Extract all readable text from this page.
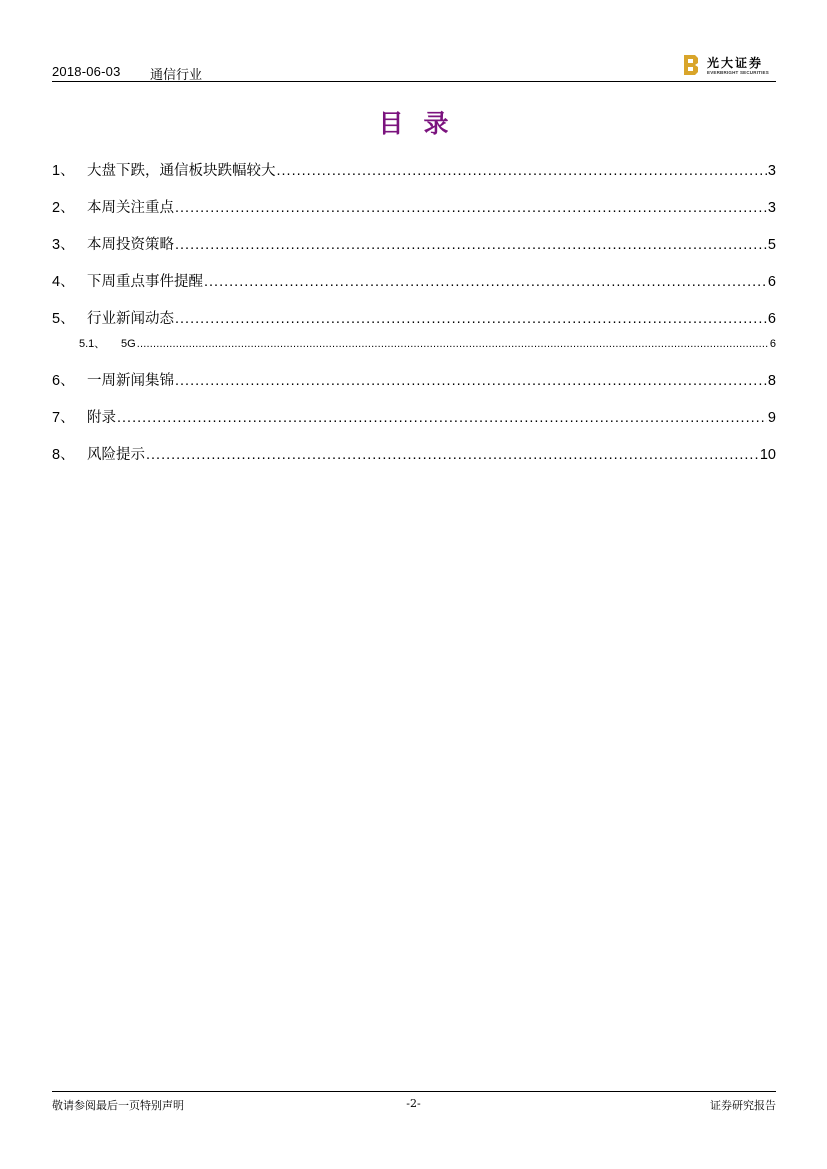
2018-06-03 通信行业
光大证券
EVERBRIGHT SECURITIES
目录
1、 大盘下跌，通信板块跌幅较大 .....	3
2、 本周关注重点 .....	3
3、 本周投资策略 .....	5
4、 下周重点事件提醒 .....	6
5、 行业新闻动态 .....	6
5.1、	5G .....	6
6、 一周新闻集锦 .....	8
7、 附录 .....	9
8、 风险提示 .....	10
敬请参阅最后一页特别声明	-2-	证券研究报告
